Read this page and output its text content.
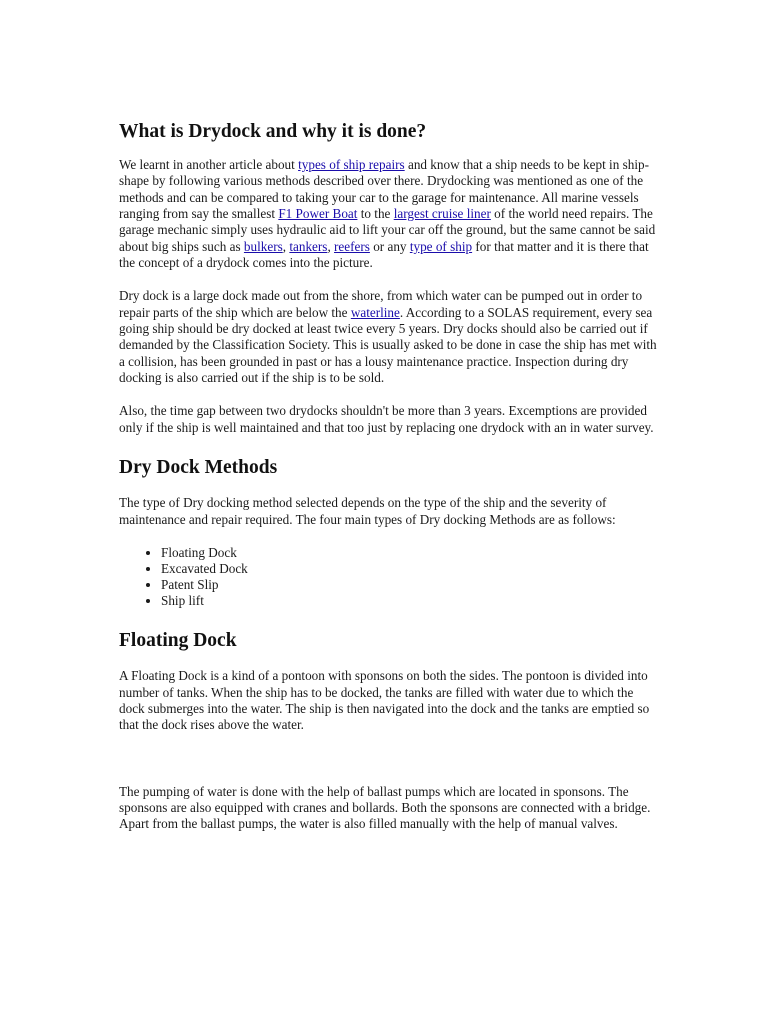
What is Drydock and why it is done?

We learnt in another article about types of ship repairs and know that a ship needs to be kept in ship-shape by following various methods described over there. Drydocking was mentioned as one of the methods and can be compared to taking your car to the garage for maintenance. All marine vessels ranging from say the smallest F1 Power Boat to the largest cruise liner of the world need repairs. The garage mechanic simply uses hydraulic aid to lift your car off the ground, but the same cannot be said about big ships such as bulkers, tankers, reefers or any type of ship for that matter and it is there that the concept of a drydock comes into the picture.

Dry dock is a large dock made out from the shore, from which water can be pumped out in order to repair parts of the ship which are below the waterline. According to a SOLAS requirement, every sea going ship should be dry docked at least twice every 5 years. Dry docks should also be carried out if demanded by the Classification Society. This is usually asked to be done in case the ship has met with a collision, has been grounded in past or has a lousy maintenance practice. Inspection during dry docking is also carried out if the ship is to be sold.

Also, the time gap between two drydocks shouldn't be more than 3 years. Excemptions are provided only if the ship is well maintained and that too just by replacing one drydock with an in water survey.

Dry Dock Methods

The type of Dry docking method selected depends on the type of the ship and the severity of maintenance and repair required. The four main types of Dry docking Methods are as follows:

• Floating Dock
• Excavated Dock
• Patent Slip
• Ship lift
Floating Dock

A Floating Dock is a kind of a pontoon with sponsons on both the sides. The pontoon is divided into number of tanks. When the ship has to be docked, the tanks are filled with water due to which the dock submerges into the water. The ship is then navigated into the dock and the tanks are emptied so that the dock rises above the water.

The pumping of water is done with the help of ballast pumps which are located in sponsons. The sponsons are also equipped with cranes and bollards. Both the sponsons are connected with a bridge. Apart from the ballast pumps, the water is also filled manually with the help of manual valves.
